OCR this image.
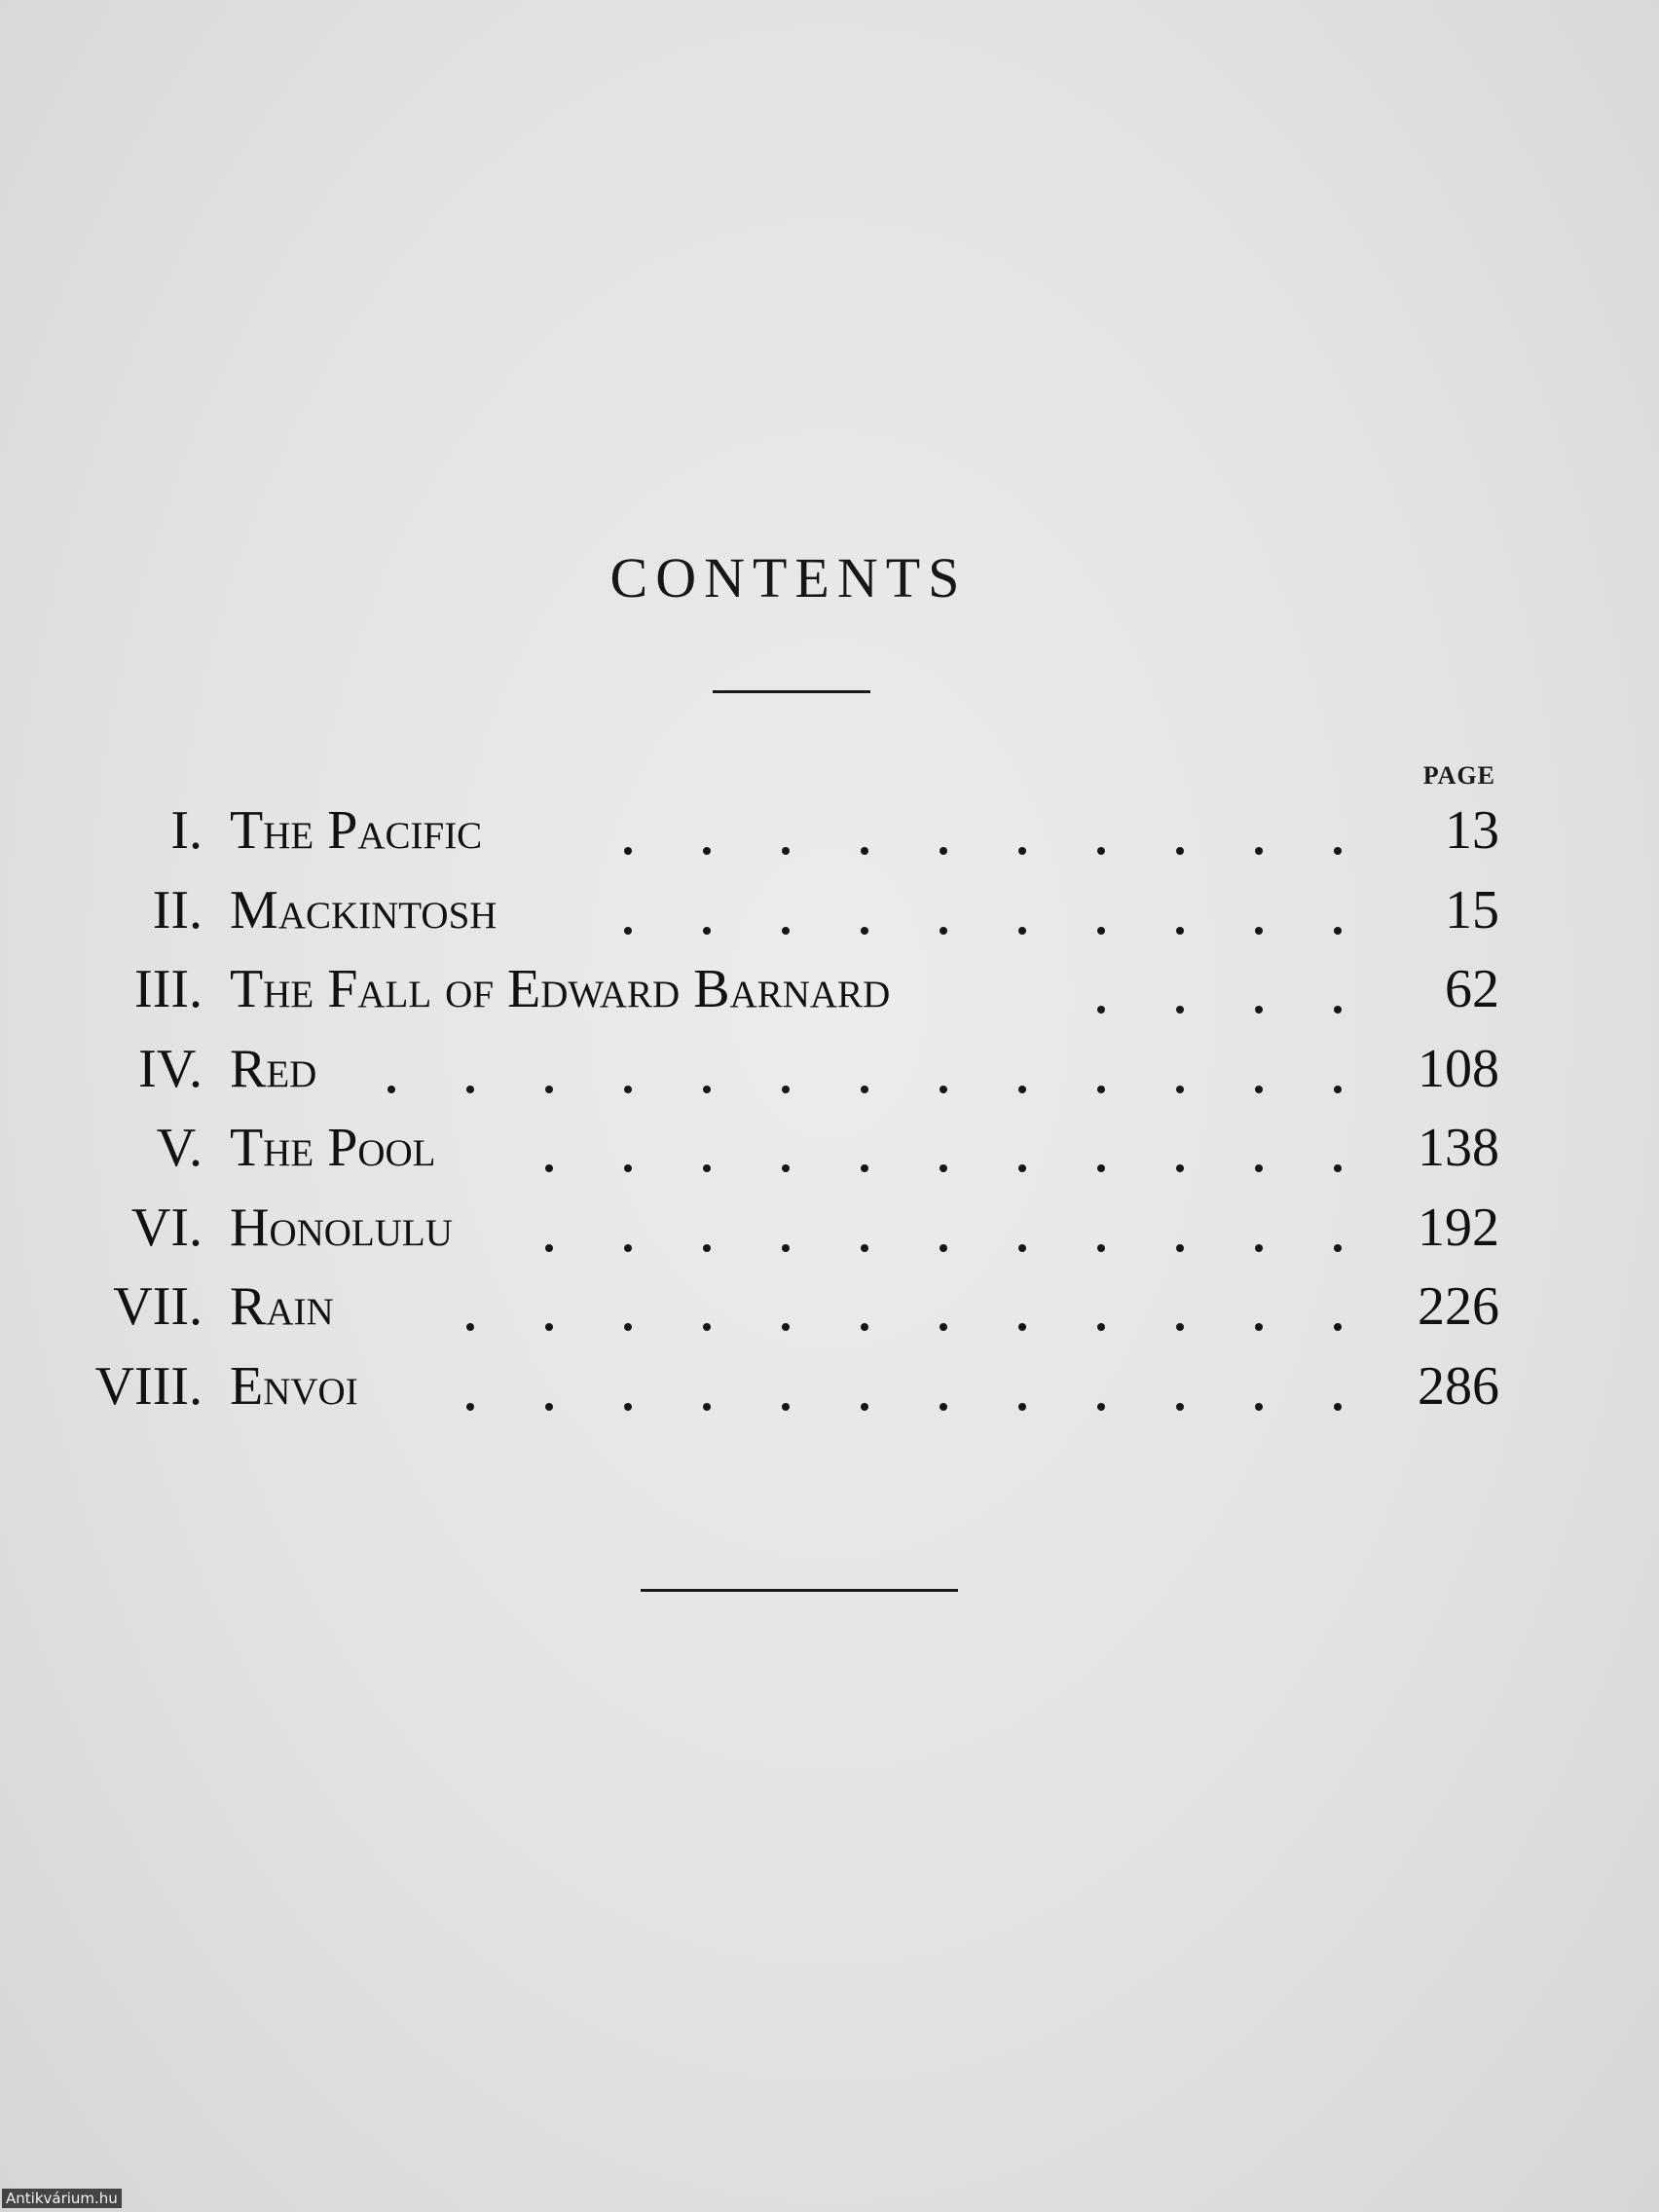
CONTENTS
PAGE
I. The Pacific	13
II. Mackintosh	15
III. The Fall of Edward Barnard	62
IV. Red	108
V. The Pool	138
VI. Honolulu	192
VII. Rain	226
VIII. Envoi	286
Antikvárium.hu
